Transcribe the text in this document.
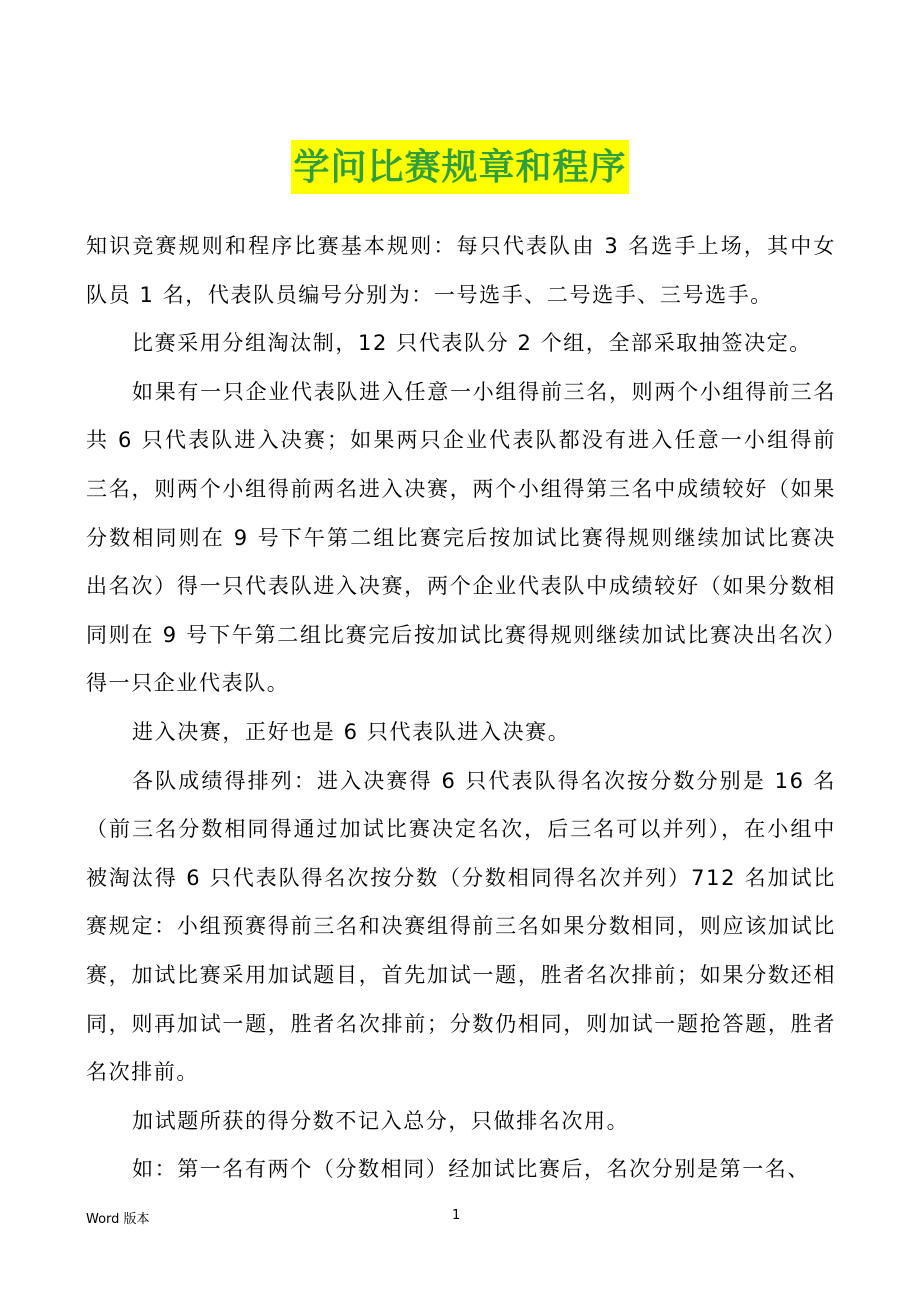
学问比赛规章和程序

知识竞赛规则和程序比赛基本规则：每只代表队由 3 名选手上场，其中女队员 1 名，代表队员编号分别为：一号选手、二号选手、三号选手。

比赛采用分组淘汰制，12 只代表队分 2 个组，全部采取抽签决定。

如果有一只企业代表队进入任意一小组得前三名，则两个小组得前三名共 6 只代表队进入决赛；如果两只企业代表队都没有进入任意一小组得前三名，则两个小组得前两名进入决赛，两个小组得第三名中成绩较好（如果分数相同则在 9 号下午第二组比赛完后按加试比赛得规则继续加试比赛决出名次）得一只代表队进入决赛，两个企业代表队中成绩较好（如果分数相同则在 9 号下午第二组比赛完后按加试比赛得规则继续加试比赛决出名次）得一只企业代表队。

进入决赛，正好也是 6 只代表队进入决赛。

各队成绩得排列：进入决赛得 6 只代表队得名次按分数分别是 16 名（前三名分数相同得通过加试比赛决定名次，后三名可以并列），在小组中被淘汰得 6 只代表队得名次按分数（分数相同得名次并列）712 名加试比赛规定：小组预赛得前三名和决赛组得前三名如果分数相同，则应该加试比赛，加试比赛采用加试题目，首先加试一题，胜者名次排前；如果分数还相同，则再加试一题，胜者名次排前；分数仍相同，则加试一题抢答题，胜者名次排前。

加试题所获的得分数不记入总分，只做排名次用。

如：第一名有两个（分数相同）经加试比赛后，名次分别是第一名、

Word 版本	1
